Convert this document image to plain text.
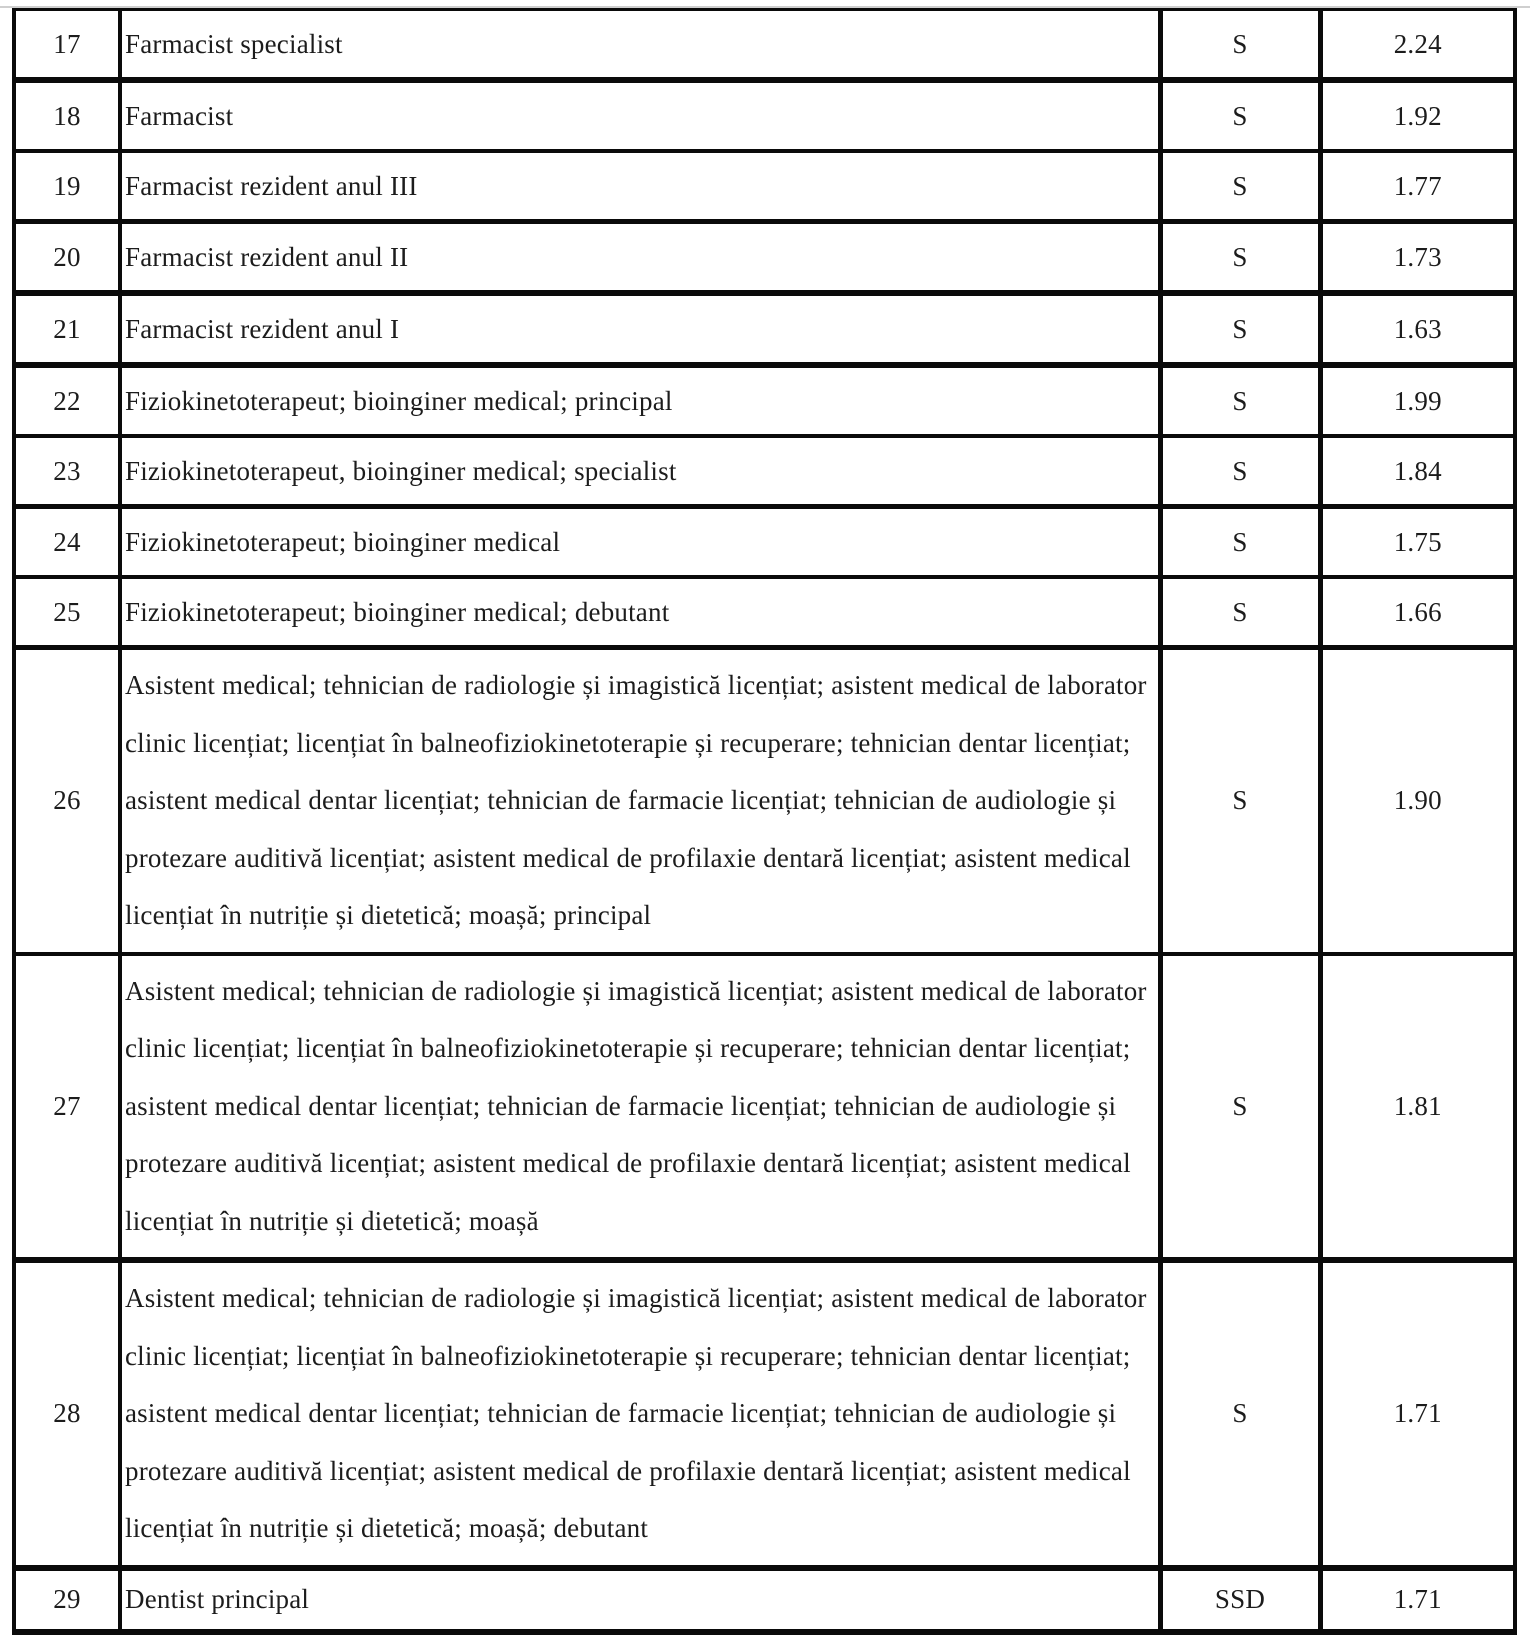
17	Farmacist specialist	S	2.24
18	Farmacist	S	1.92
19	Farmacist rezident anul III	S	1.77
20	Farmacist rezident anul II	S	1.73
21	Farmacist rezident anul I	S	1.63
22	Fiziokinetoterapeut; bioinginer medical; principal	S	1.99
23	Fiziokinetoterapeut, bioinginer medical; specialist	S	1.84
24	Fiziokinetoterapeut; bioinginer medical	S	1.75
25	Fiziokinetoterapeut; bioinginer medical; debutant	S	1.66
26	Asistent medical; tehnician de radiologie și imagistică licențiat; asistent medical de laborator clinic licențiat; licențiat în balneofiziokinetoterapie și recuperare; tehnician dentar licențiat; asistent medical dentar licențiat; tehnician de farmacie licențiat; tehnician de audiologie și protezare auditivă licențiat; asistent medical de profilaxie dentară licențiat; asistent medical licențiat în nutriție și dietetică; moașă; principal	S	1.90
27	Asistent medical; tehnician de radiologie și imagistică licențiat; asistent medical de laborator clinic licențiat; licențiat în balneofiziokinetoterapie și recuperare; tehnician dentar licențiat; asistent medical dentar licențiat; tehnician de farmacie licențiat; tehnician de audiologie și protezare auditivă licențiat; asistent medical de profilaxie dentară licențiat; asistent medical licențiat în nutriție și dietetică; moașă	S	1.81
28	Asistent medical; tehnician de radiologie și imagistică licențiat; asistent medical de laborator clinic licențiat; licențiat în balneofiziokinetoterapie și recuperare; tehnician dentar licențiat; asistent medical dentar licențiat; tehnician de farmacie licențiat; tehnician de audiologie și protezare auditivă licențiat; asistent medical de profilaxie dentară licențiat; asistent medical licențiat în nutriție și dietetică; moașă; debutant	S	1.71
29	Dentist principal	SSD	1.71
